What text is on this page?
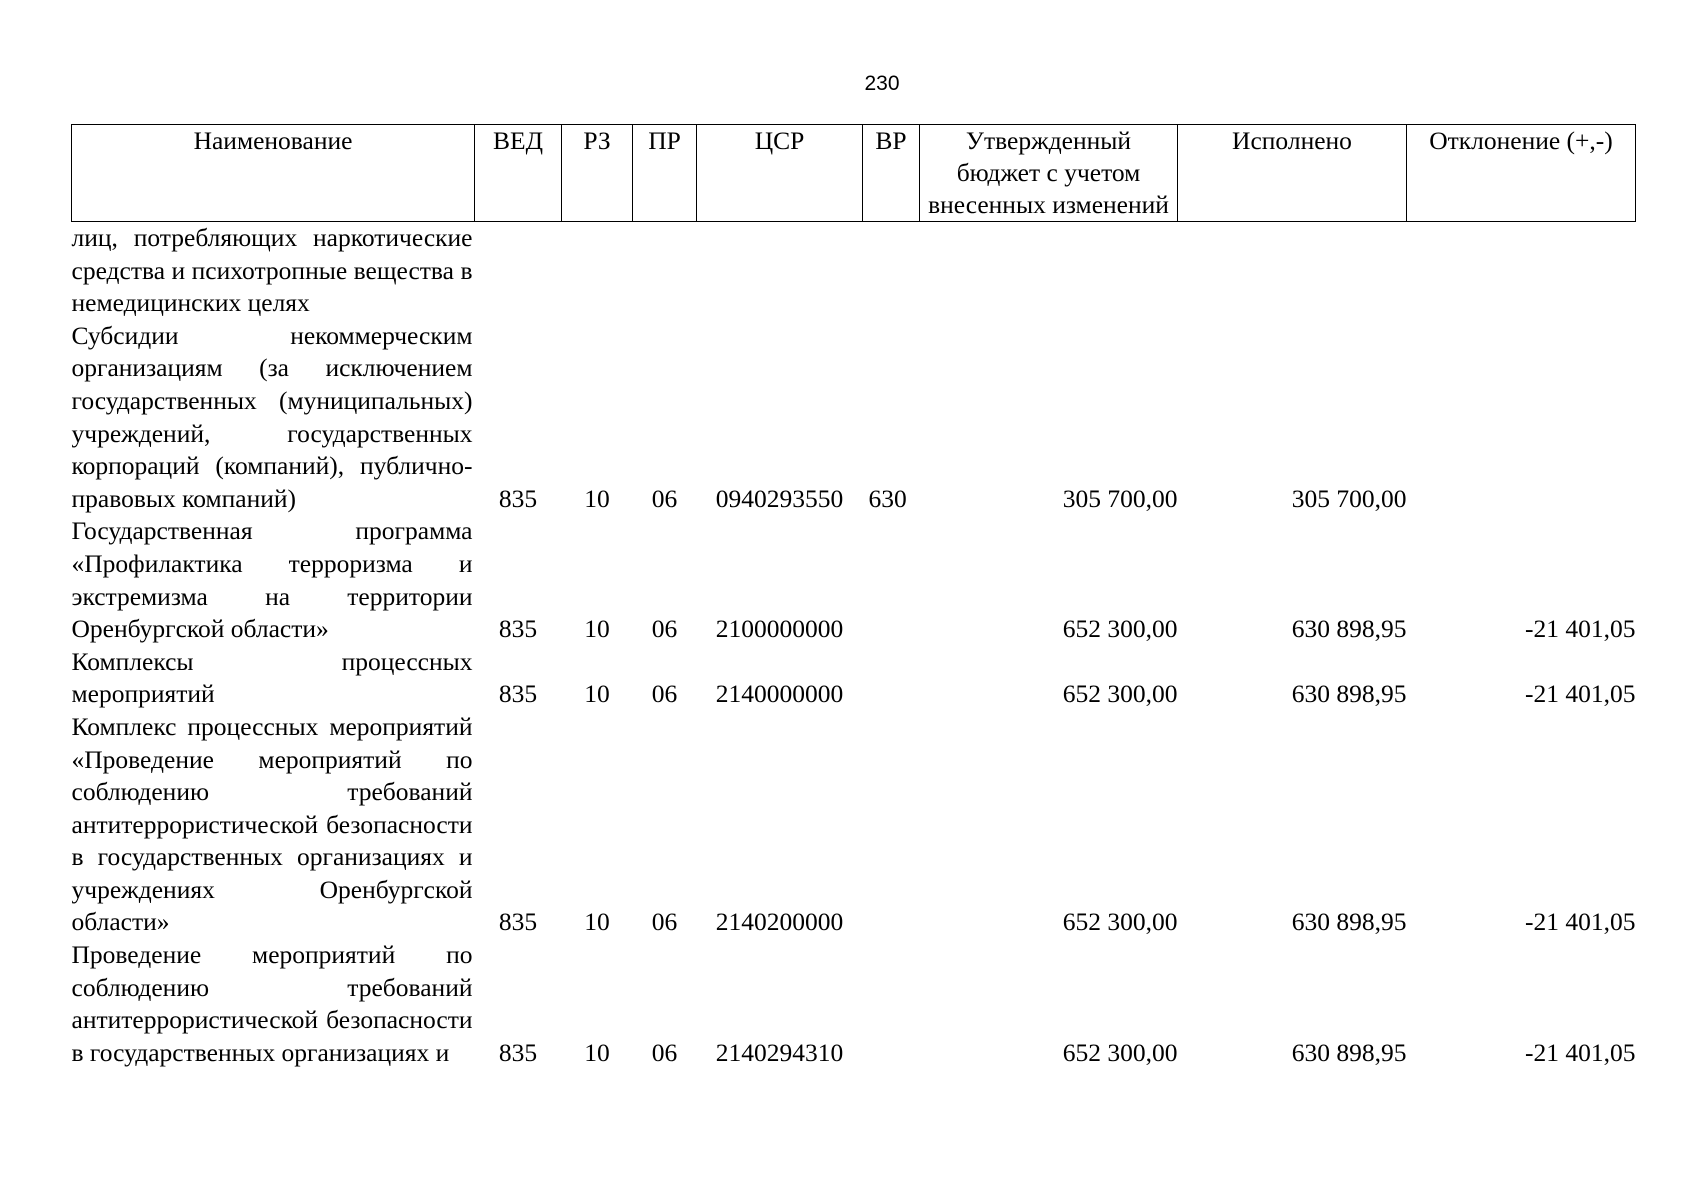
230
Наименование	ВЕД	РЗ	ПР	ЦСР	ВР	Утвержденный бюджет с учетом внесенных изменений	Исполнено	Отклонение (+,-)
лиц, потребляющих наркотические средства и психотропные вещества в немедицинских целях								
Субсидии некоммерческим организациям (за исключением государственных (муниципальных) учреждений, государственных корпораций (компаний), публично-правовых компаний)	835	10	06	0940293550	630	305 700,00	305 700,00	
Государственная программа «Профилактика терроризма и экстремизма на территории Оренбургской области»	835	10	06	2100000000		652 300,00	630 898,95	-21 401,05
Комплексы процессных мероприятий	835	10	06	2140000000		652 300,00	630 898,95	-21 401,05
Комплекс процессных мероприятий «Проведение мероприятий по соблюдению требований антитеррористической безопасности в государственных организациях и учреждениях Оренбургской области»	835	10	06	2140200000		652 300,00	630 898,95	-21 401,05
Проведение мероприятий по соблюдению требований антитеррористической безопасности в государственных организациях и	835	10	06	2140294310		652 300,00	630 898,95	-21 401,05
